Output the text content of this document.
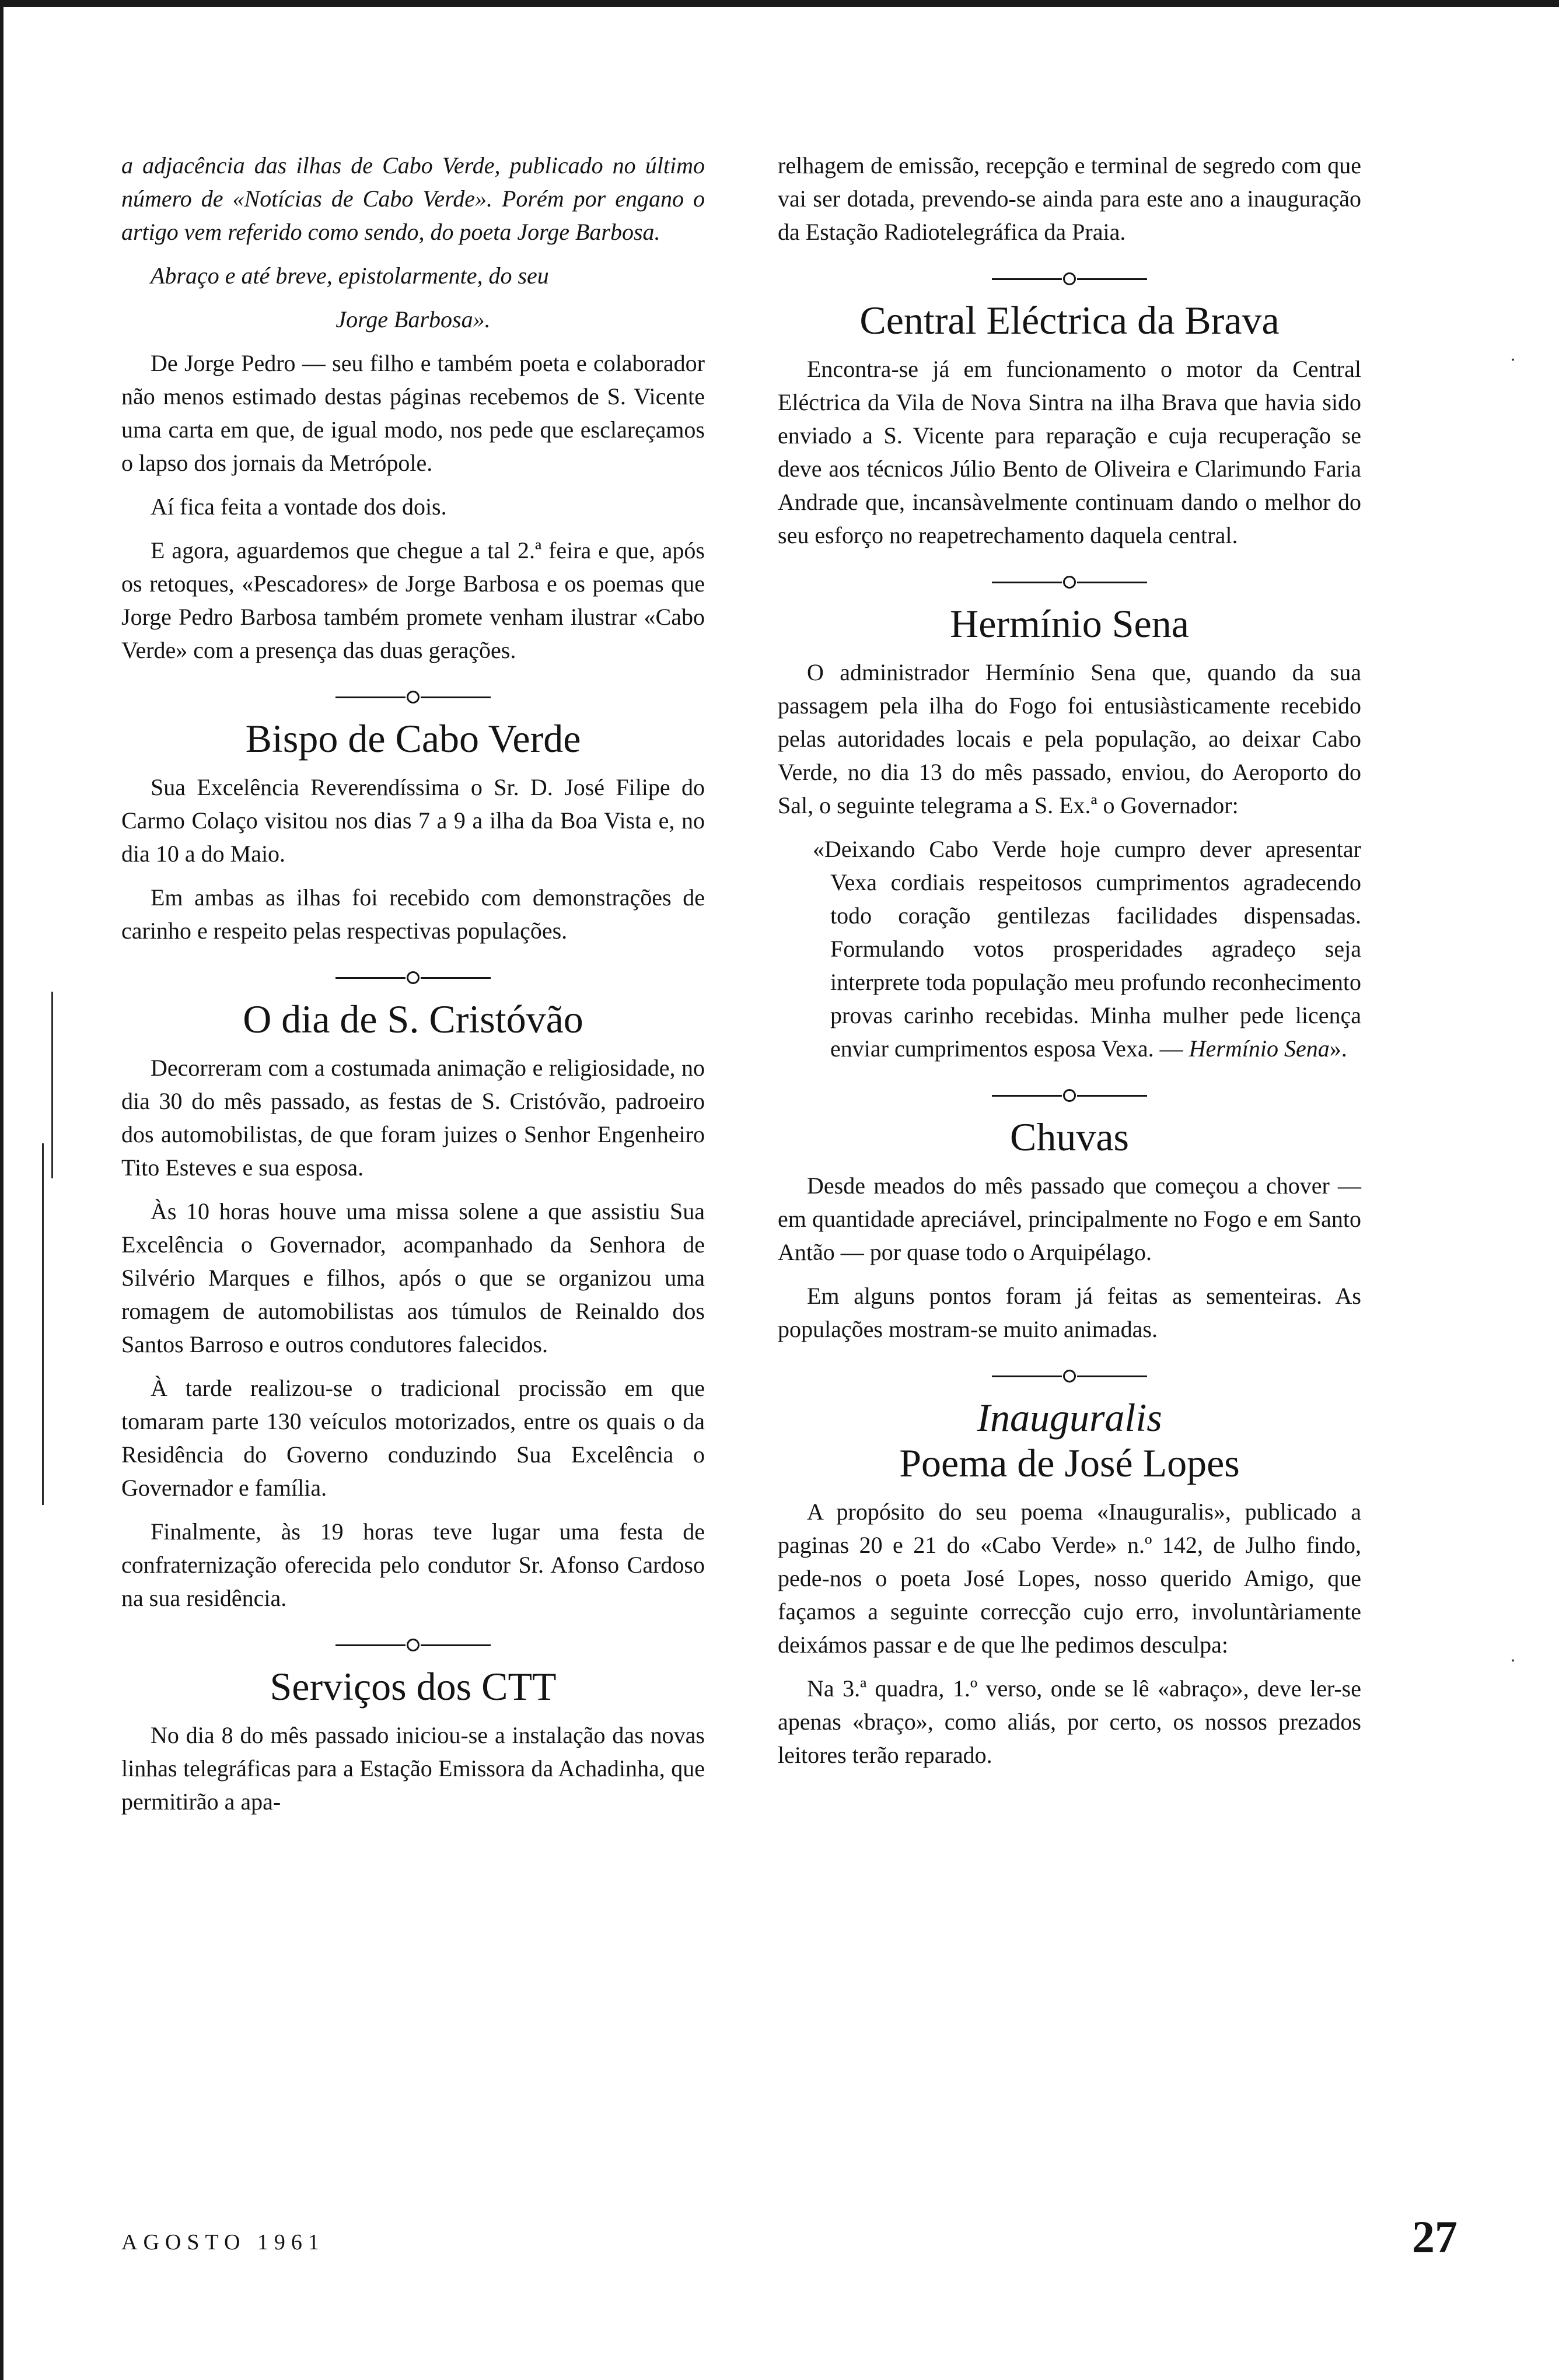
a adjacência das ilhas de Cabo Verde, publicado no último número de «Notícias de Cabo Verde». Porém por engano o artigo vem referido como sendo, do poeta Jorge Barbosa.

Abraço e até breve, epistolarmente, do seu

Jorge Barbosa».

De Jorge Pedro — seu filho e também poeta e colaborador não menos estimado destas páginas recebemos de S. Vicente uma carta em que, de igual modo, nos pede que esclareçamos o lapso dos jornais da Metrópole.

Aí fica feita a vontade dos dois.

E agora, aguardemos que chegue a tal 2.ª feira e que, após os retoques, «Pescadores» de Jorge Barbosa e os poemas que Jorge Pedro Barbosa também promete venham ilustrar «Cabo Verde» com a presença das duas gerações.

Bispo de Cabo Verde

Sua Excelência Reverendíssima o Sr. D. José Filipe do Carmo Colaço visitou nos dias 7 a 9 a ilha da Boa Vista e, no dia 10 a do Maio.

Em ambas as ilhas foi recebido com demonstrações de carinho e respeito pelas respectivas populações.

O dia de S. Cristóvão

Decorreram com a costumada animação e religiosidade, no dia 30 do mês passado, as festas de S. Cristóvão, padroeiro dos automobilistas, de que foram juizes o Senhor Engenheiro Tito Esteves e sua esposa.

Às 10 horas houve uma missa solene a que assistiu Sua Excelência o Governador, acompanhado da Senhora de Silvério Marques e filhos, após o que se organizou uma romagem de automobilistas aos túmulos de Reinaldo dos Santos Barroso e outros condutores falecidos.

À tarde realizou-se o tradicional procissão em que tomaram parte 130 veículos motorizados, entre os quais o da Residência do Governo conduzindo Sua Excelência o Governador e família.

Finalmente, às 19 horas teve lugar uma festa de confraternização oferecida pelo condutor Sr. Afonso Cardoso na sua residência.

Serviços dos CTT

No dia 8 do mês passado iniciou-se a instalação das novas linhas telegráficas para a Estação Emissora da Achadinha, que permitirão a apa-

relhagem de emissão, recepção e terminal de segredo com que vai ser dotada, prevendo-se ainda para este ano a inauguração da Estação Radiotelegráfica da Praia.

Central Eléctrica da Brava

Encontra-se já em funcionamento o motor da Central Eléctrica da Vila de Nova Sintra na ilha Brava que havia sido enviado a S. Vicente para reparação e cuja recuperação se deve aos técnicos Júlio Bento de Oliveira e Clarimundo Faria Andrade que, incansàvelmente continuam dando o melhor do seu esforço no reapetrechamento daquela central.

Hermínio Sena

O administrador Hermínio Sena que, quando da sua passagem pela ilha do Fogo foi entusiàsticamente recebido pelas autoridades locais e pela população, ao deixar Cabo Verde, no dia 13 do mês passado, enviou, do Aeroporto do Sal, o seguinte telegrama a S. Ex.ª o Governador:

«Deixando Cabo Verde hoje cumpro dever apresentar Vexa cordiais respeitosos cumprimentos agradecendo todo coração gentilezas facilidades dispensadas. Formulando votos prosperidades agradeço seja interprete toda população meu profundo reconhecimento provas carinho recebidas. Minha mulher pede licença enviar cumprimentos esposa Vexa. — Hermínio Sena».

Chuvas

Desde meados do mês passado que começou a chover — em quantidade apreciável, principalmente no Fogo e em Santo Antão — por quase todo o Arquipélago.

Em alguns pontos foram já feitas as sementeiras. As populações mostram-se muito animadas.

Inauguralis
Poema de José Lopes

A propósito do seu poema «Inauguralis», publicado a paginas 20 e 21 do «Cabo Verde» n.º 142, de Julho findo, pede-nos o poeta José Lopes, nosso querido Amigo, que façamos a seguinte correcção cujo erro, involuntàriamente deixámos passar e de que lhe pedimos desculpa:

Na 3.ª quadra, 1.º verso, onde se lê «abraço», deve ler-se apenas «braço», como aliás, por certo, os nossos prezados leitores terão reparado.

⋅
⋅
AGOSTO 1961	27
